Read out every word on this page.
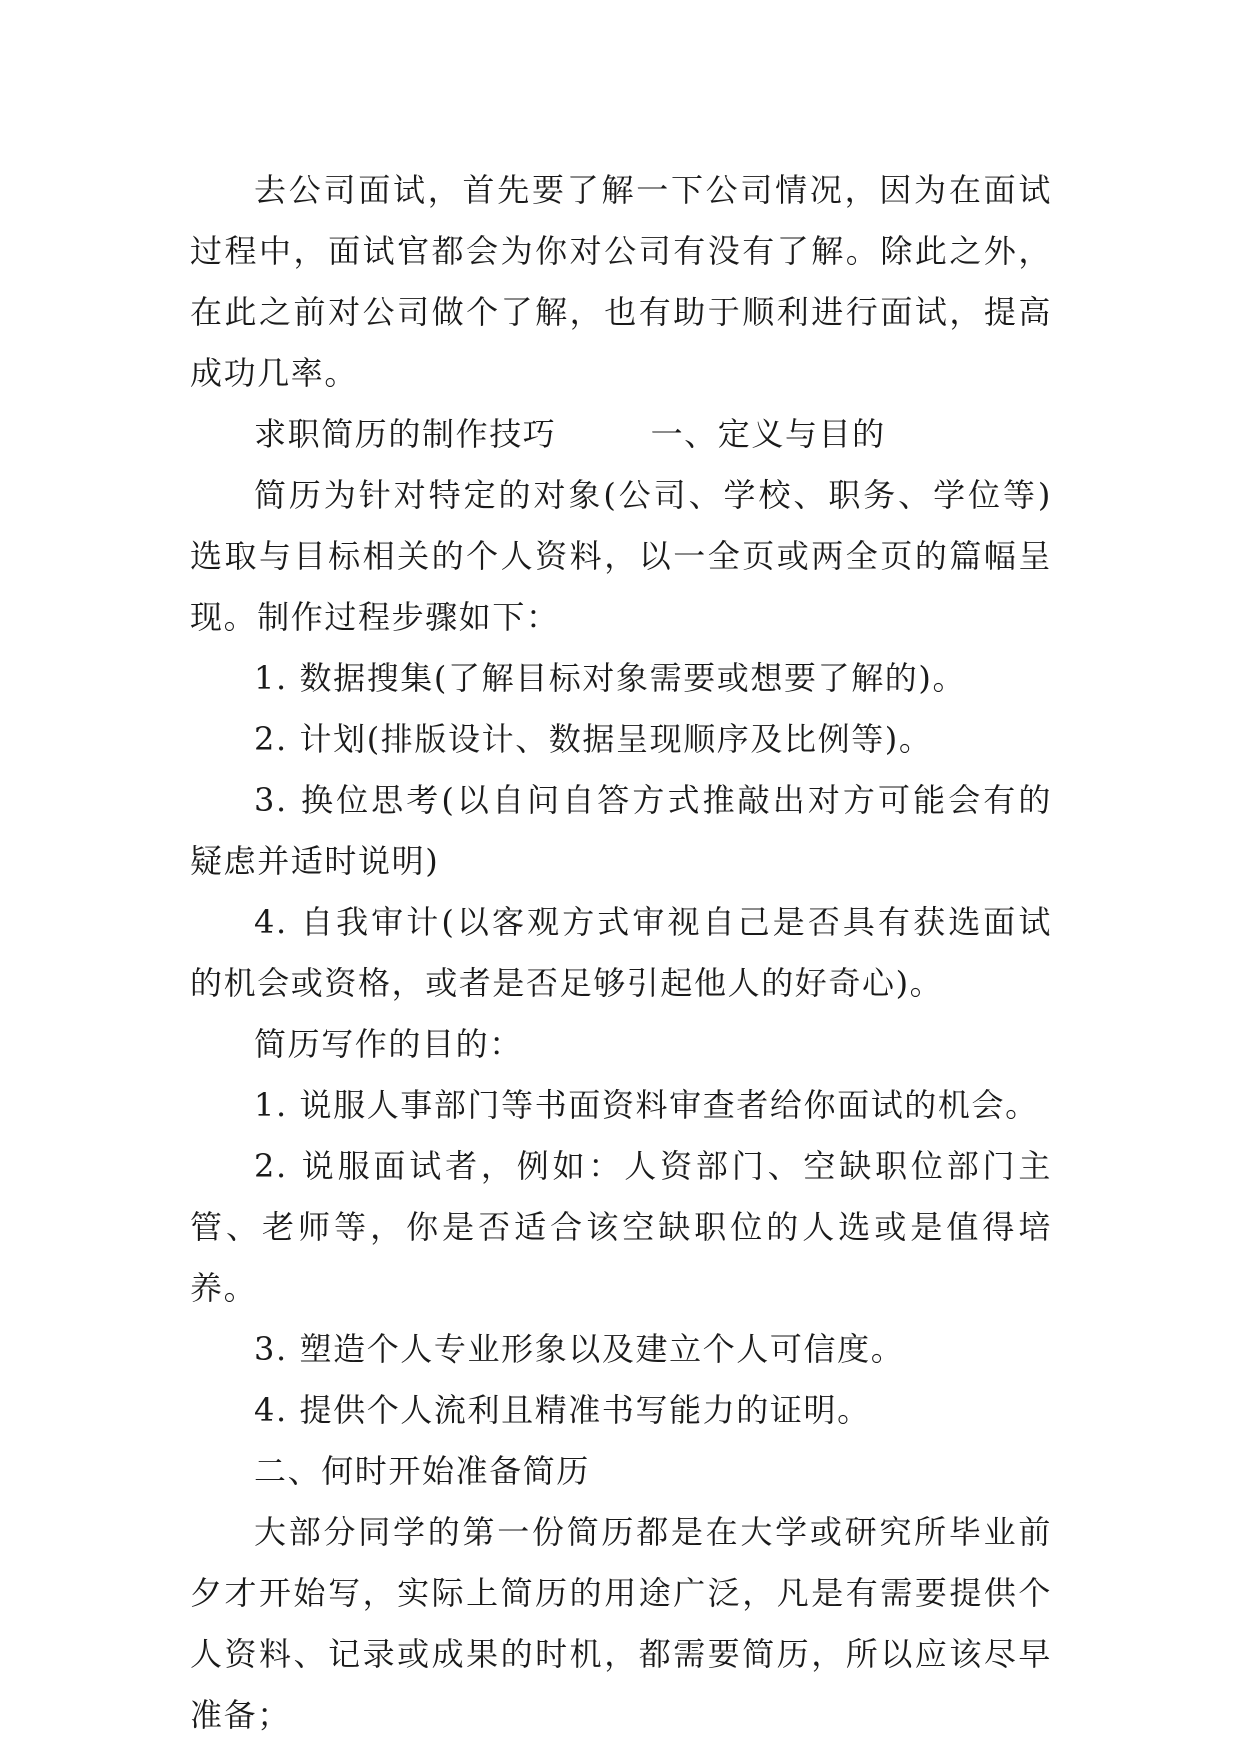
去公司面试，首先要了解一下公司情况，因为在面试过程中，面试官都会为你对公司有没有了解。除此之外，在此之前对公司做个了解，也有助于顺利进行面试，提高成功几率。

求职简历的制作技巧        一、定义与目的

简历为针对特定的对象(公司、学校、职务、学位等)选取与目标相关的个人资料，以一全页或两全页的篇幅呈现。制作过程步骤如下：

1. 数据搜集(了解目标对象需要或想要了解的)。

2. 计划(排版设计、数据呈现顺序及比例等)。

3. 换位思考(以自问自答方式推敲出对方可能会有的疑虑并适时说明)

4. 自我审计(以客观方式审视自己是否具有获选面试的机会或资格，或者是否足够引起他人的好奇心)。

简历写作的目的：

1. 说服人事部门等书面资料审查者给你面试的机会。

2. 说服面试者，例如：人资部门、空缺职位部门主管、老师等，你是否适合该空缺职位的人选或是值得培养。

3. 塑造个人专业形象以及建立个人可信度。

4. 提供个人流利且精准书写能力的证明。

二、何时开始准备简历

大部分同学的第一份简历都是在大学或研究所毕业前夕才开始写，实际上简历的用途广泛，凡是有需要提供个人资料、记录或成果的时机，都需要简历，所以应该尽早准备；
